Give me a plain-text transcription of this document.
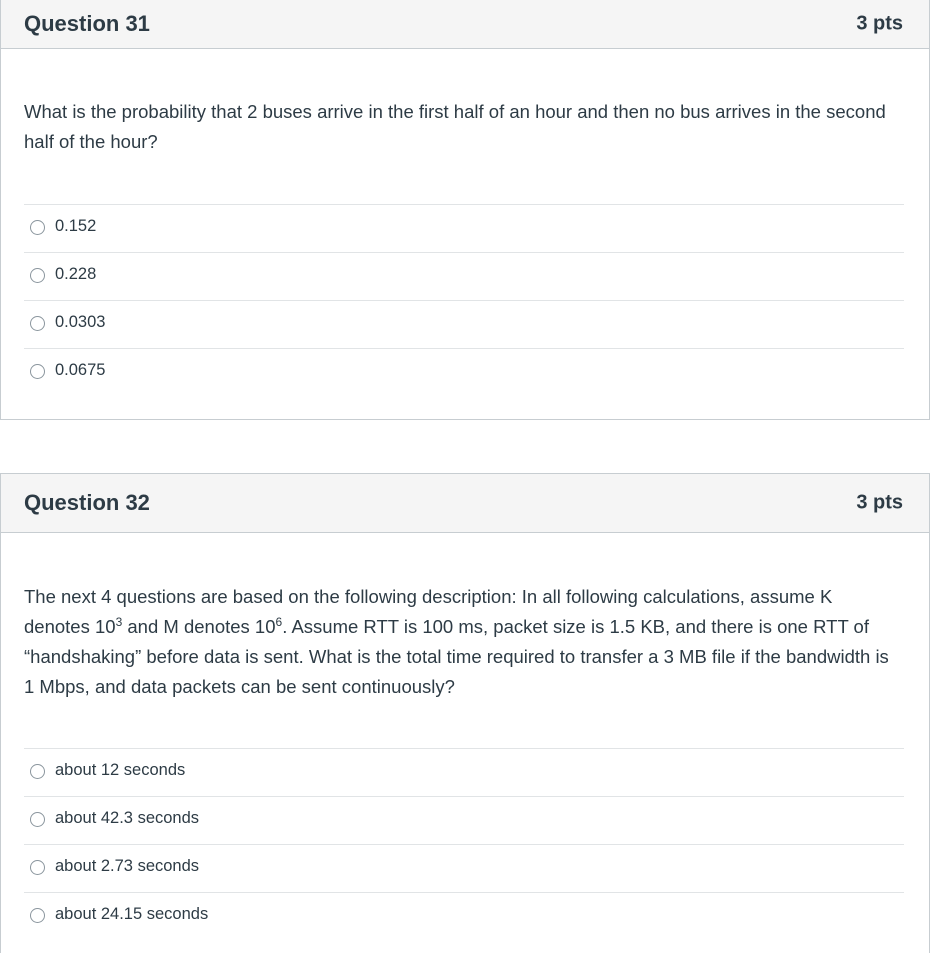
Question 31	3 pts
What is the probability that 2 buses arrive in the first half of an hour and then no bus arrives in the second half of the hour?
0.152
0.228
0.0303
0.0675
Question 32	3 pts
The next 4 questions are based on the following description: In all following calculations, assume K denotes $10^3$ and M denotes $10^6$. Assume RTT is 100 ms, packet size is 1.5 KB, and there is one RTT of “handshaking” before data is sent. What is the total time required to transfer a 3 MB file if the bandwidth is 1 Mbps, and data packets can be sent continuously?
about 12 seconds
about 42.3 seconds
about 2.73 seconds
about 24.15 seconds
